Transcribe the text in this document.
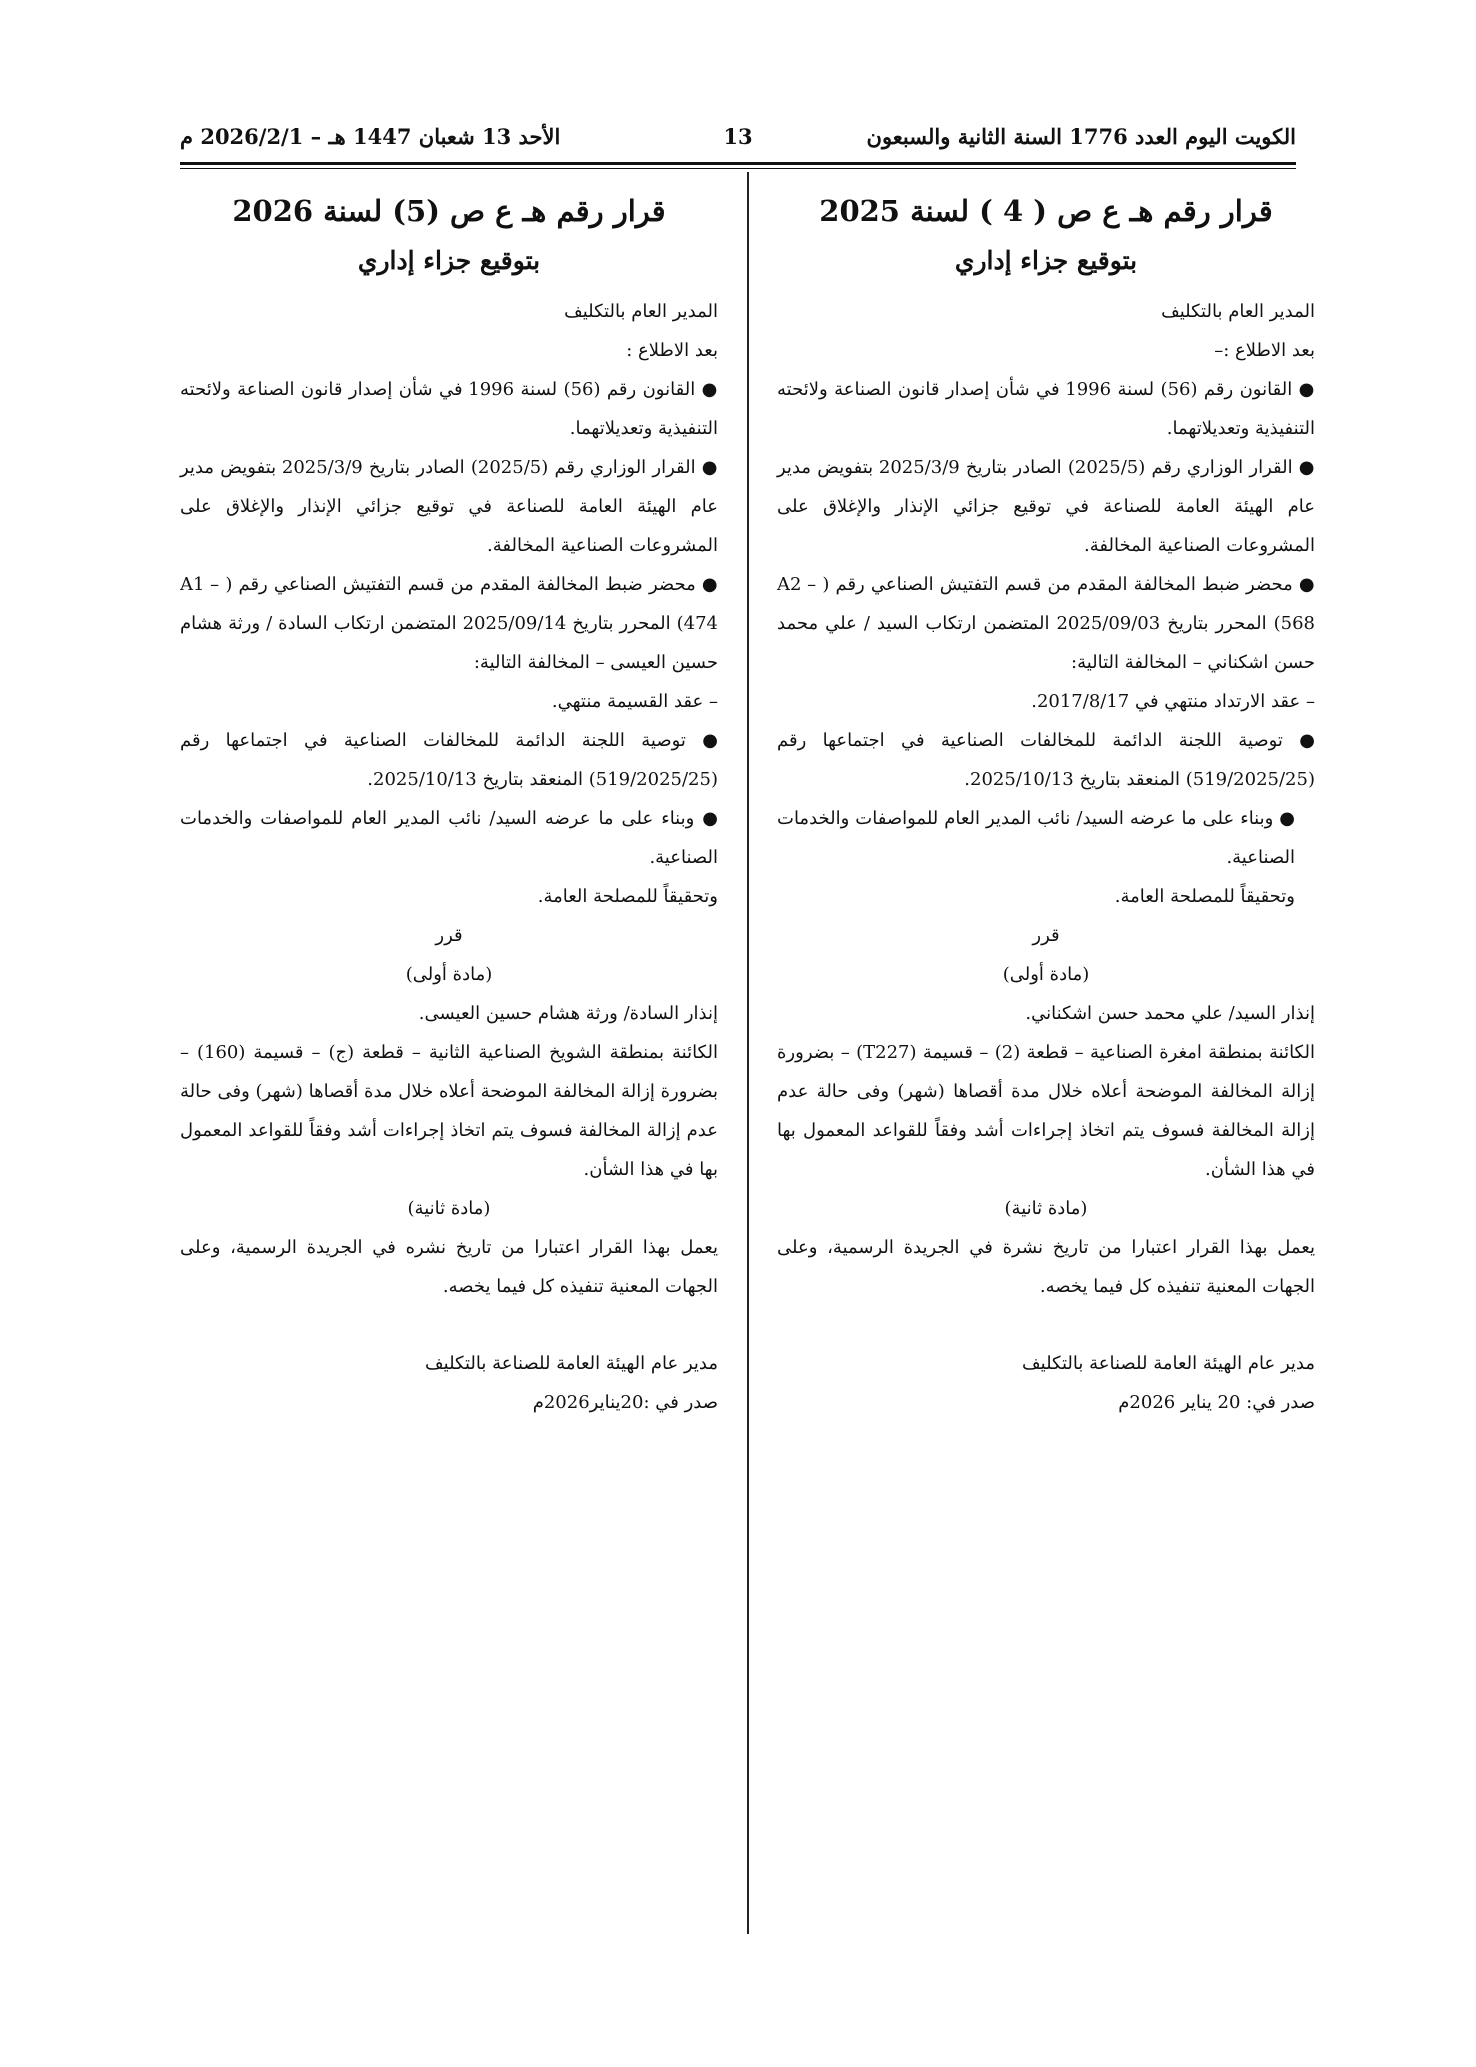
الكويت اليوم العدد 1776 السنة الثانية والسبعون
13
الأحد 13 شعبان 1447 هـ – 2026/2/1 م
قرار رقم هـ ع ص ( 4 ) لسنة 2025
بتوقيع جزاء إداري

المدير العام بالتكليف

بعد الاطلاع :–

● القانون رقم (56) لسنة 1996 في شأن إصدار قانون الصناعة ولائحته التنفيذية وتعديلاتهما.

● القرار الوزاري رقم (2025/5) الصادر بتاريخ 2025/3/9 بتفويض مدير عام الهيئة العامة للصناعة في توقيع جزائي الإنذار والإغلاق على المشروعات الصناعية المخالفة.

● محضر ضبط المخالفة المقدم من قسم التفتيش الصناعي رقم ( A2 –568) المحرر بتاريخ 2025/09/03 المتضمن ارتكاب السيد / علي محمد حسن اشكناني – المخالفة التالية:

– عقد الارتداد منتهي في 2017/8/17.

● توصية اللجنة الدائمة للمخالفات الصناعية في اجتماعها رقم (519/2025/25) المنعقد بتاريخ 2025/10/13.

● وبناء على ما عرضه السيد/ نائب المدير العام للمواصفات والخدمات الصناعية.

وتحقيقاً للمصلحة العامة.

قرر

(مادة أولى)

إنذار السيد/ علي محمد حسن اشكناني.

الكائنة بمنطقة امغرة الصناعية – قطعة (2) – قسيمة (T227) – بضرورة إزالة المخالفة الموضحة أعلاه خلال مدة أقصاها (شهر) وفى حالة عدم إزالة المخالفة فسوف يتم اتخاذ إجراءات أشد وفقاً للقواعد المعمول بها في هذا الشأن.

(مادة ثانية)

يعمل بهذا القرار اعتبارا من تاريخ نشرة في الجريدة الرسمية، وعلى الجهات المعنية تنفيذه كل فيما يخصه.

مدير عام الهيئة العامة للصناعة بالتكليف

صدر في: 20 يناير 2026م

قرار رقم هـ ع ص (5) لسنة 2026
بتوقيع جزاء إداري

المدير العام بالتكليف

بعد الاطلاع :

● القانون رقم (56) لسنة 1996 في شأن إصدار قانون الصناعة ولائحته التنفيذية وتعديلاتهما.

● القرار الوزاري رقم (2025/5) الصادر بتاريخ 2025/3/9 بتفويض مدير عام الهيئة العامة للصناعة في توقيع جزائي الإنذار والإغلاق على المشروعات الصناعية المخالفة.

● محضر ضبط المخالفة المقدم من قسم التفتيش الصناعي رقم ( A1 –474) المحرر بتاريخ 2025/09/14 المتضمن ارتكاب السادة / ورثة هشام حسين العيسى – المخالفة التالية:

– عقد القسيمة منتهي.

● توصية اللجنة الدائمة للمخالفات الصناعية في اجتماعها رقم (519/2025/25) المنعقد بتاريخ 2025/10/13.

● وبناء على ما عرضه السيد/ نائب المدير العام للمواصفات والخدمات الصناعية.

وتحقيقاً للمصلحة العامة.

قرر

(مادة أولى)

إنذار السادة/ ورثة هشام حسين العيسى.

الكائنة بمنطقة الشويخ الصناعية الثانية – قطعة (ج) – قسيمة (160) – بضرورة إزالة المخالفة الموضحة أعلاه خلال مدة أقصاها (شهر) وفى حالة عدم إزالة المخالفة فسوف يتم اتخاذ إجراءات أشد وفقاً للقواعد المعمول بها في هذا الشأن.

(مادة ثانية)

يعمل بهذا القرار اعتبارا من تاريخ نشره في الجريدة الرسمية، وعلى الجهات المعنية تنفيذه كل فيما يخصه.

مدير عام الهيئة العامة للصناعة بالتكليف

صدر في :20يناير2026م
